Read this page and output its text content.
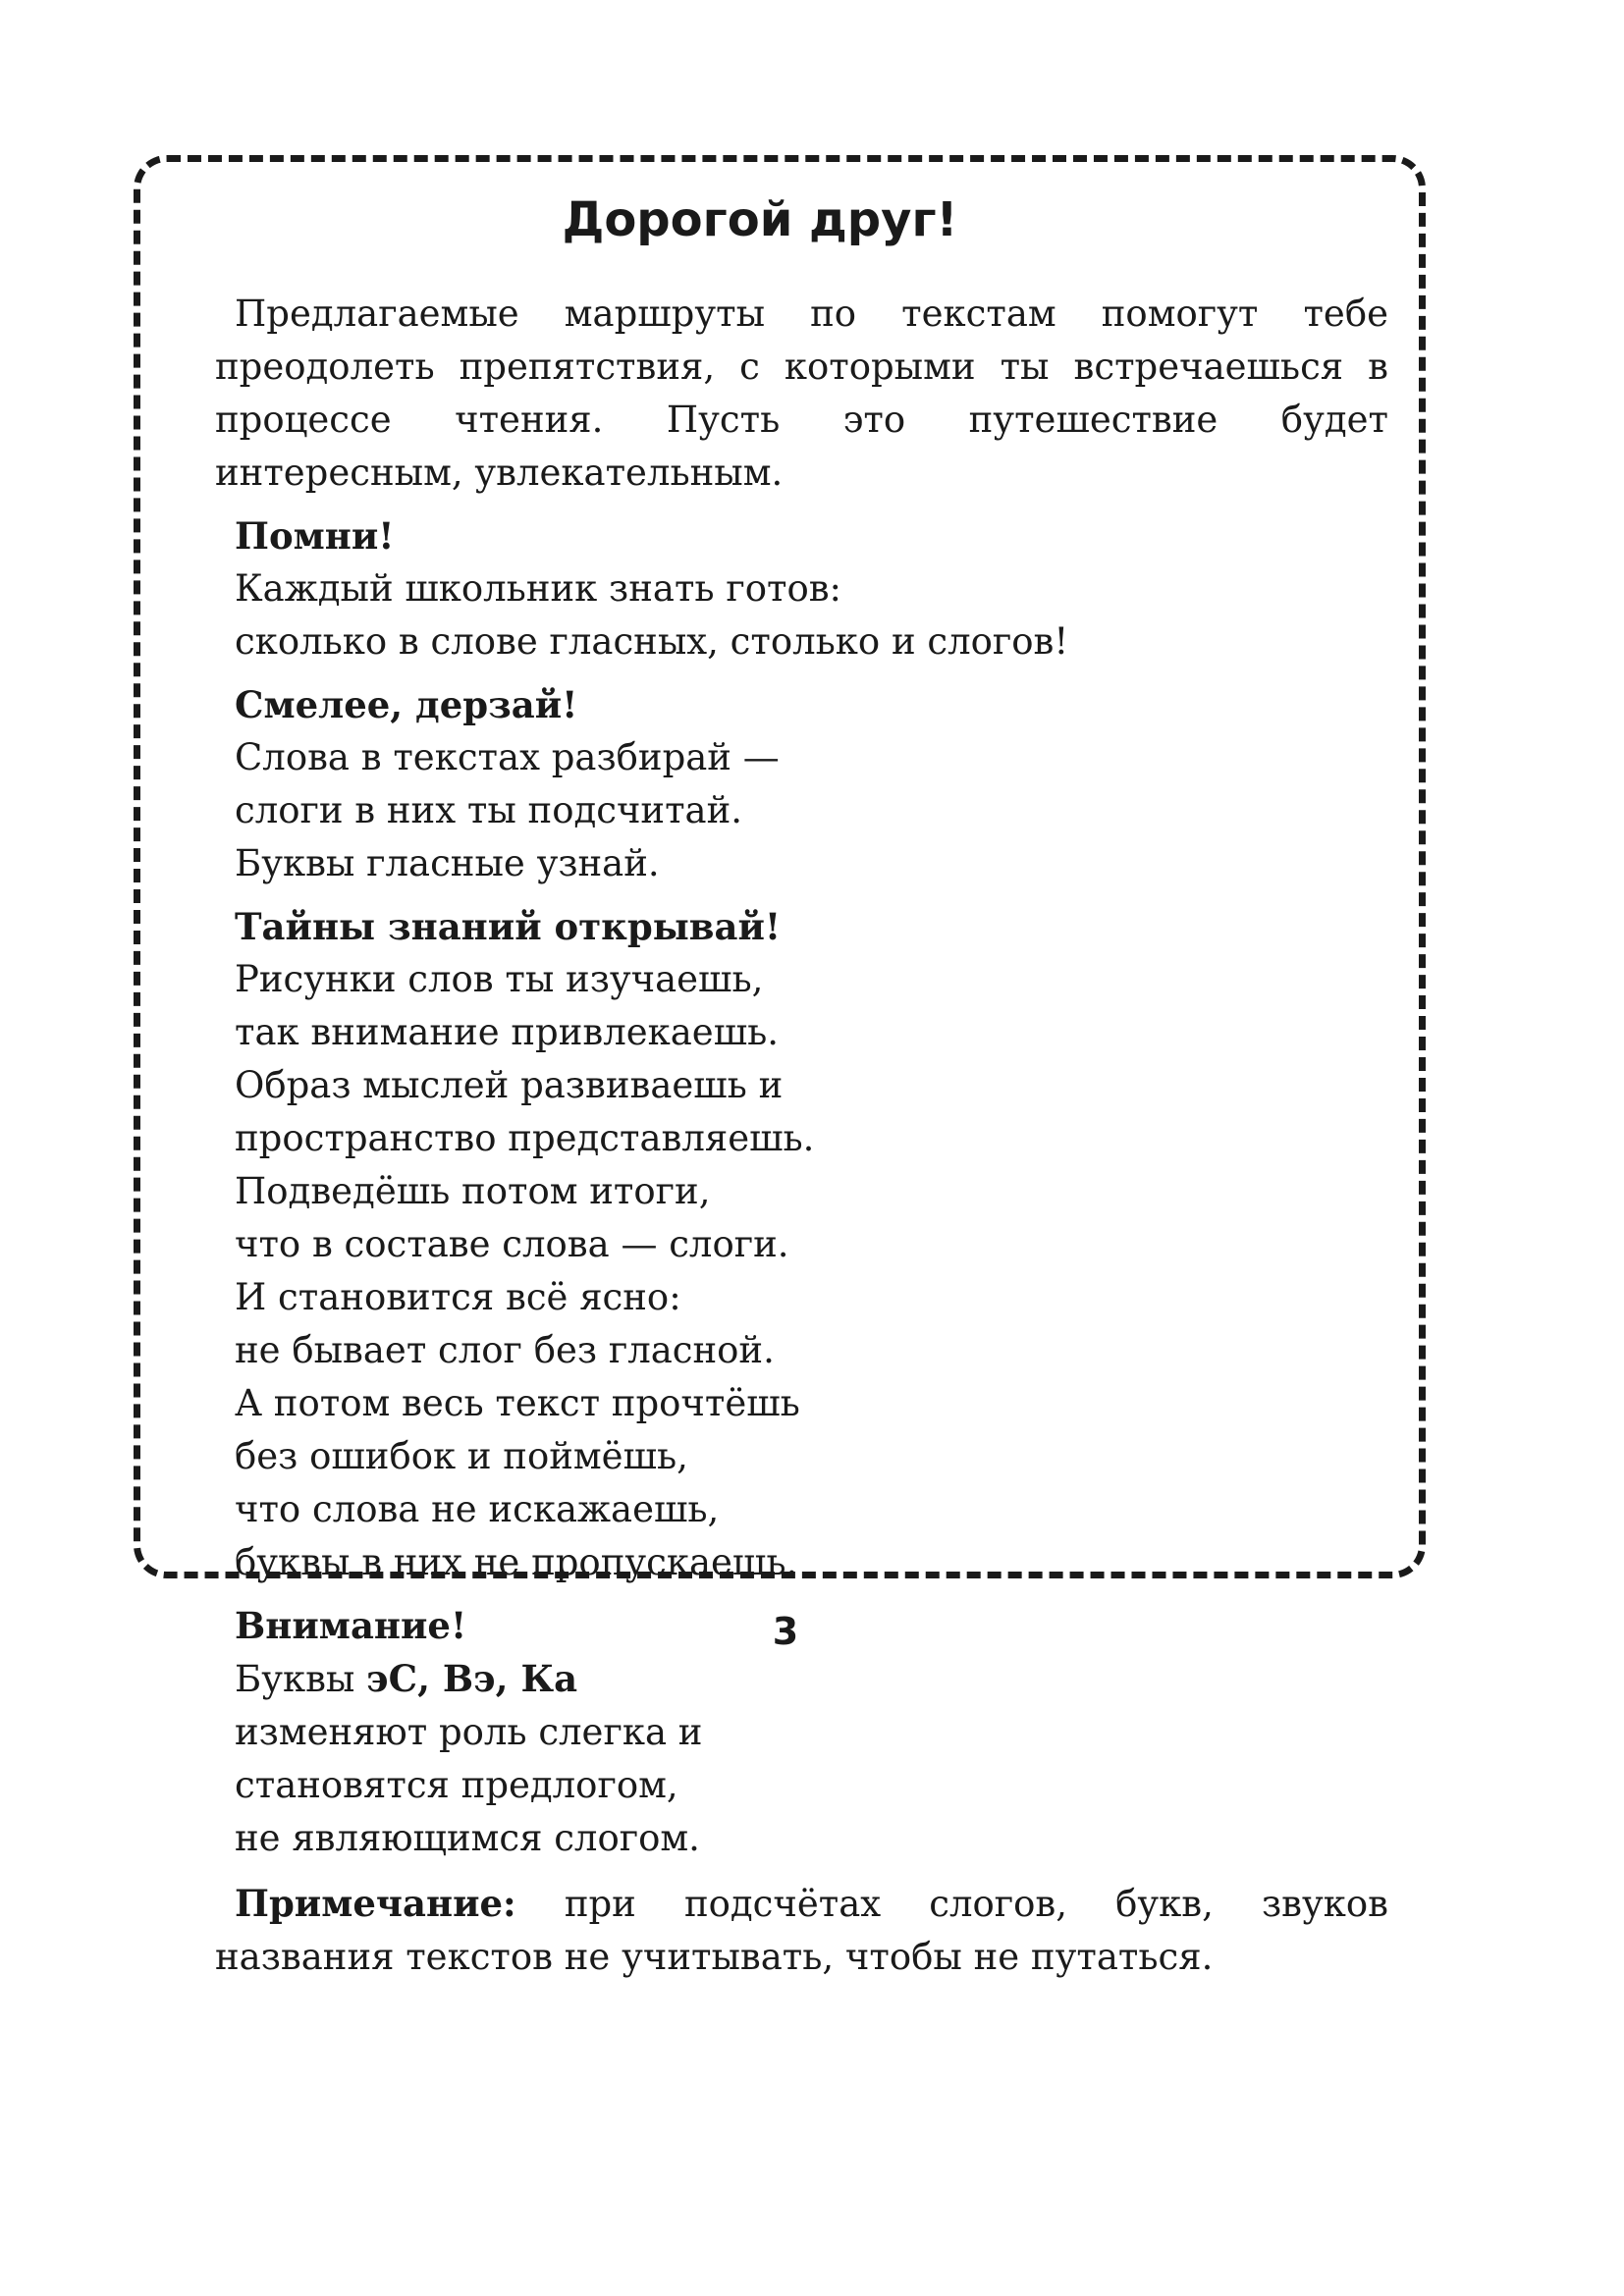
Дорогой друг!
Предлагаемые маршруты по текстам помогут тебе преодолеть препятствия, с которыми ты встречаешься в процессе чтения. Пусть это путешествие будет интересным, увлекательным.
Помни!
Каждый школьник знать готов:
сколько в слове гласных, столько и слогов!
Смелее, дерзай!
Слова в текстах разбирай —
слоги в них ты подсчитай.
Буквы гласные узнай.
Тайны знаний открывай!
Рисунки слов ты изучаешь,
так внимание привлекаешь.
Образ мыслей развиваешь и
пространство представляешь.
Подведёшь потом итоги,
что в составе слова — слоги.
И становится всё ясно:
не бывает слог без гласной.
А потом весь текст прочтёшь
без ошибок и поймёшь,
что слова не искажаешь,
буквы в них не пропускаешь.
Внимание!
Буквы эС, Вэ, Ка
изменяют роль слегка и
становятся предлогом,
не являющимся слогом.
Примечание: при подсчётах слогов, букв, звуков названия текстов не учитывать, чтобы не путаться.
3
